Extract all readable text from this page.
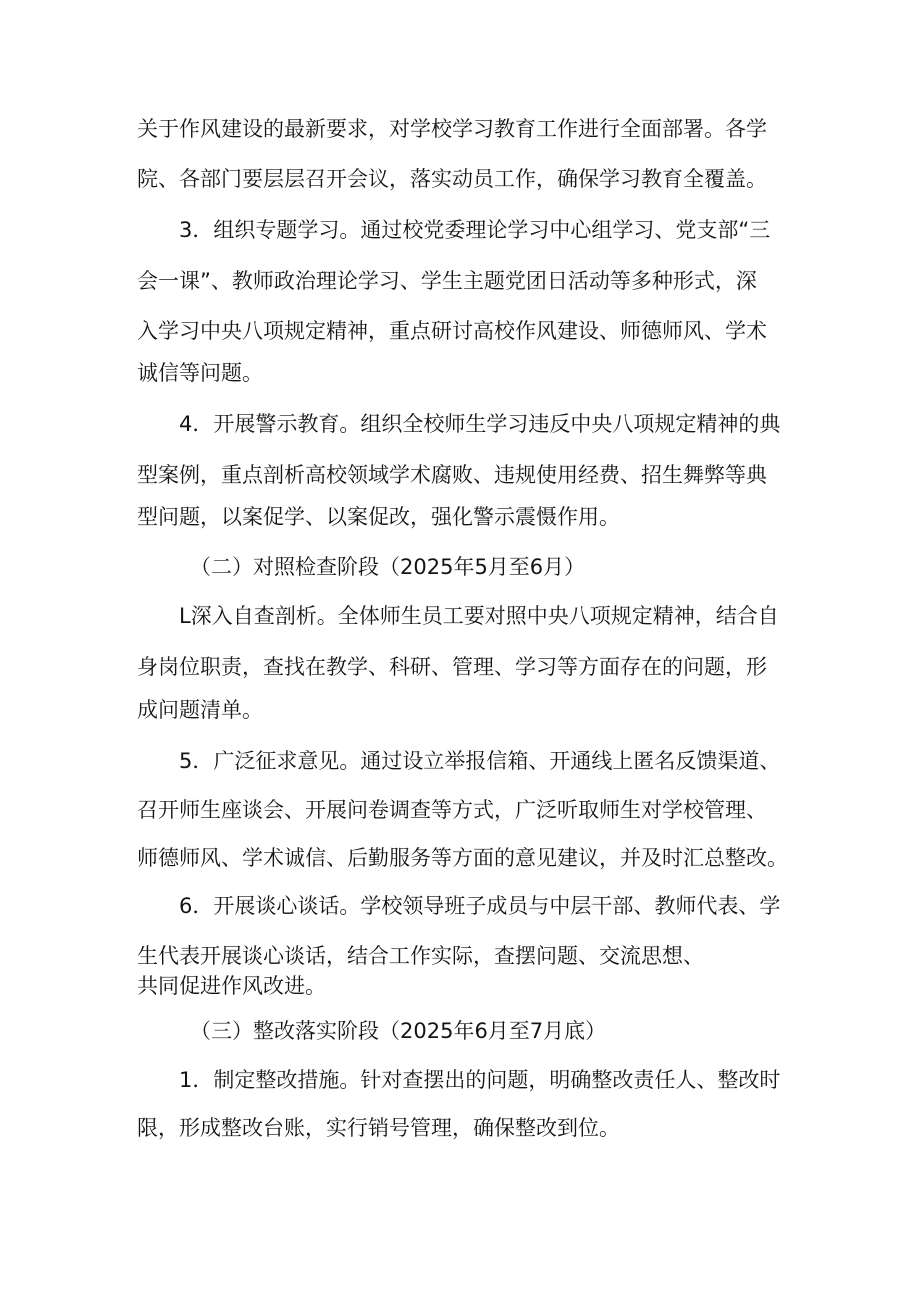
关于作风建设的最新要求，对学校学习教育工作进行全面部署。各学
院、各部门要层层召开会议，落实动员工作，确保学习教育全覆盖。
3．组织专题学习。通过校党委理论学习中心组学习、党支部“三
会一课”、教师政治理论学习、学生主题党团日活动等多种形式，深
入学习中央八项规定精神，重点研讨高校作风建设、师德师风、学术
诚信等问题。
4．开展警示教育。组织全校师生学习违反中央八项规定精神的典
型案例，重点剖析高校领域学术腐败、违规使用经费、招生舞弊等典
型问题，以案促学、以案促改，强化警示震慑作用。
（二）对照检查阶段（2025年5月至6月）
L深入自查剖析。全体师生员工要对照中央八项规定精神，结合自
身岗位职责，查找在教学、科研、管理、学习等方面存在的问题，形
成问题清单。
5．广泛征求意见。通过设立举报信箱、开通线上匿名反馈渠道、
召开师生座谈会、开展问卷调查等方式，广泛听取师生对学校管理、
师德师风、学术诚信、后勤服务等方面的意见建议，并及时汇总整改。
6．开展谈心谈话。学校领导班子成员与中层干部、教师代表、学
生代表开展谈心谈话，结合工作实际，查摆问题、交流思想、
共同促进作风改进。
（三）整改落实阶段（2025年6月至7月底）
1．制定整改措施。针对查摆出的问题，明确整改责任人、整改时
限，形成整改台账，实行销号管理，确保整改到位。
